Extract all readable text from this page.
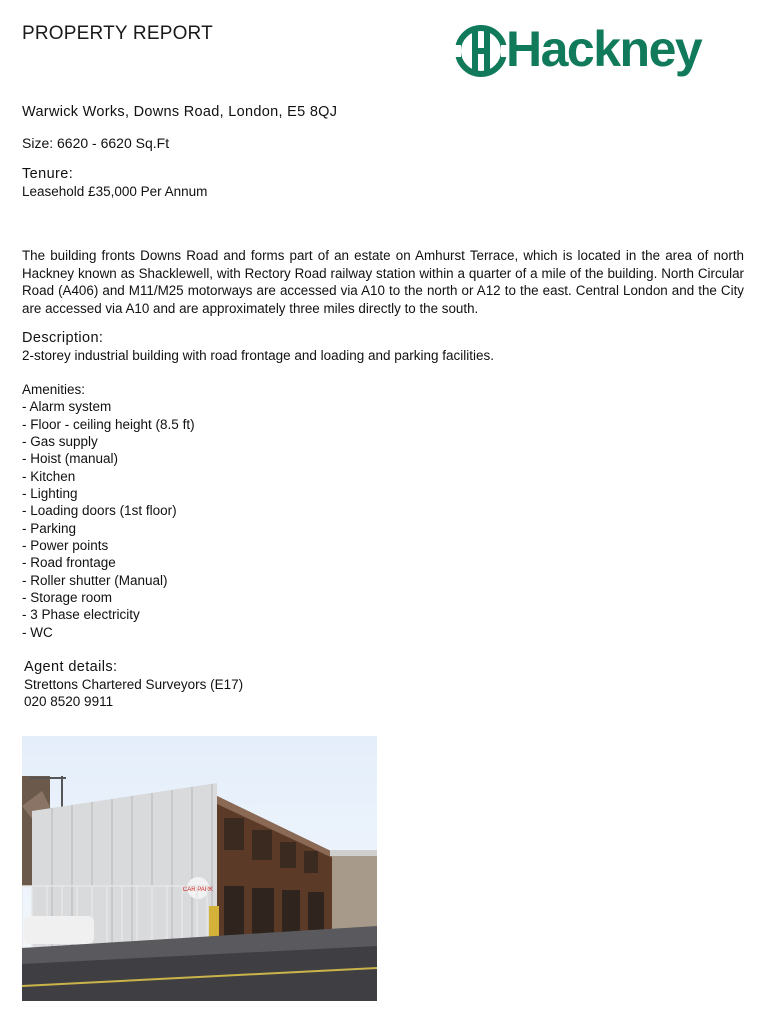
PROPERTY REPORT	Hackney
Warwick Works, Downs Road, London, E5 8QJ
Size: 6620 - 6620 Sq.Ft
Tenure:
Leasehold £35,000 Per Annum
The building fronts Downs Road and forms part of an estate on Amhurst Terrace, which is located in the area of north Hackney known as Shacklewell, with Rectory Road railway station within a quarter of a mile of the building. North Circular Road (A406) and M11/M25 motorways are accessed via A10 to the north or A12 to the east. Central London and the City are accessed via A10 and are approximately three miles directly to the south.
Description:
2-storey industrial building with road frontage and loading and parking facilities.
Amenities:
- Alarm system
- Floor - ceiling height (8.5 ft)
- Gas supply
- Hoist (manual)
- Kitchen
- Lighting
- Loading doors (1st floor)
- Parking
- Power points
- Road frontage
- Roller shutter (Manual)
- Storage room
- 3 Phase electricity
- WC
Agent details:
Strettons Chartered Surveyors (E17)
020 8520 9911
CAR PARK
